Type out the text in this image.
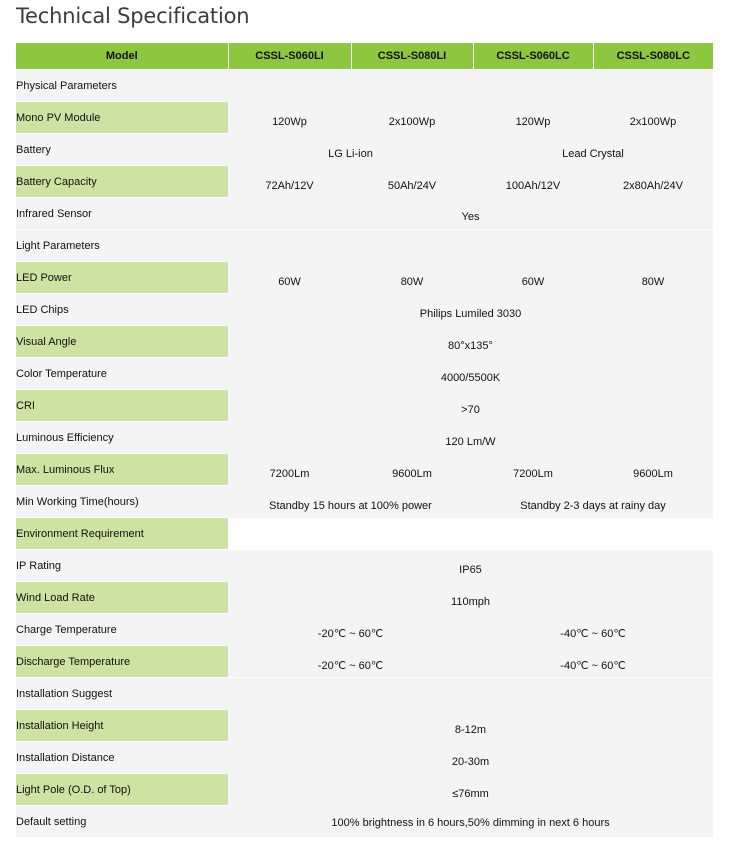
Technical Specification
Model	CSSL-S060LI	CSSL-S080LI	CSSL-S060LC	CSSL-S080LC
Physical Parameters				
Mono PV Module	120Wp	2x100Wp	120Wp	2x100Wp
Battery	LG Li-ion		Lead Crystal	
Battery Capacity	72Ah/12V	50Ah/24V	100Ah/12V	2x80Ah/24V
Infrared Sensor	Yes			
Light Parameters				
LED Power	60W	80W	60W	80W
LED Chips	Philips Lumiled 3030			
Visual Angle	80°x135°			
Color Temperature	4000/5500K			
CRI	>70			
Luminous Efficiency	120 Lm/W			
Max. Luminous Flux	7200Lm	9600Lm	7200Lm	9600Lm
Min Working Time(hours)	Standby 15 hours at 100% power		Standby 2-3 days at rainy day	
Environment Requirement				
IP Rating	IP65			
Wind Load Rate	110mph			
Charge Temperature	-20℃ ~ 60℃		-40℃ ~ 60℃	
Discharge Temperature	-20℃ ~ 60℃		-40℃ ~ 60℃	
Installation Suggest				
Installation Height	8-12m			
Installation Distance	20-30m			
Light Pole (O.D. of Top)	≤76mm			
Default setting	100% brightness in 6 hours,50% dimming in next 6 hours			
